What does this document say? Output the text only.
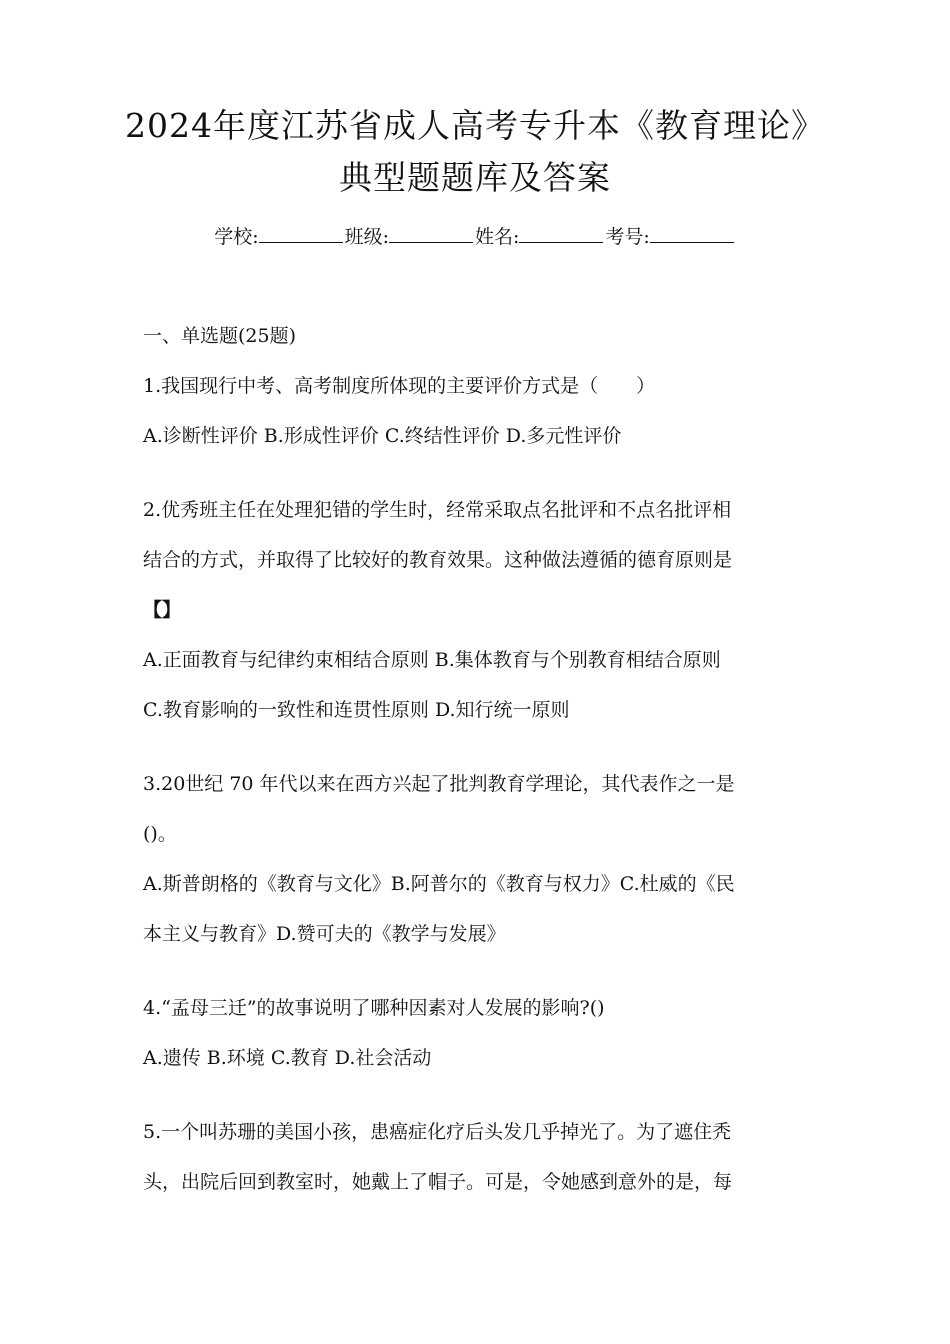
2024年度江苏省成人高考专升本《教育理论》
典型题题库及答案
学校:	班级:	姓名:	考号:
一、单选题(25题)
1.我国现行中考、高考制度所体现的主要评价方式是（　　）
A.诊断性评价 B.形成性评价 C.终结性评价 D.多元性评价
2.优秀班主任在处理犯错的学生时，经常采取点名批评和不点名批评相
结合的方式，并取得了比较好的教育效果。这种做法遵循的德育原则是
【】
A.正面教育与纪律约束相结合原则 B.集体教育与个别教育相结合原则
C.教育影响的一致性和连贯性原则 D.知行统一原则
3.20世纪 70 年代以来在西方兴起了批判教育学理论，其代表作之一是
()。
A.斯普朗格的《教育与文化》B.阿普尔的《教育与权力》C.杜威的《民
本主义与教育》D.赞可夫的《教学与发展》
4.“孟母三迁”的故事说明了哪种因素对人发展的影响?()
A.遗传 B.环境 C.教育 D.社会活动
5.一个叫苏珊的美国小孩，患癌症化疗后头发几乎掉光了。为了遮住秃
头，出院后回到教室时，她戴上了帽子。可是，令她感到意外的是，每
